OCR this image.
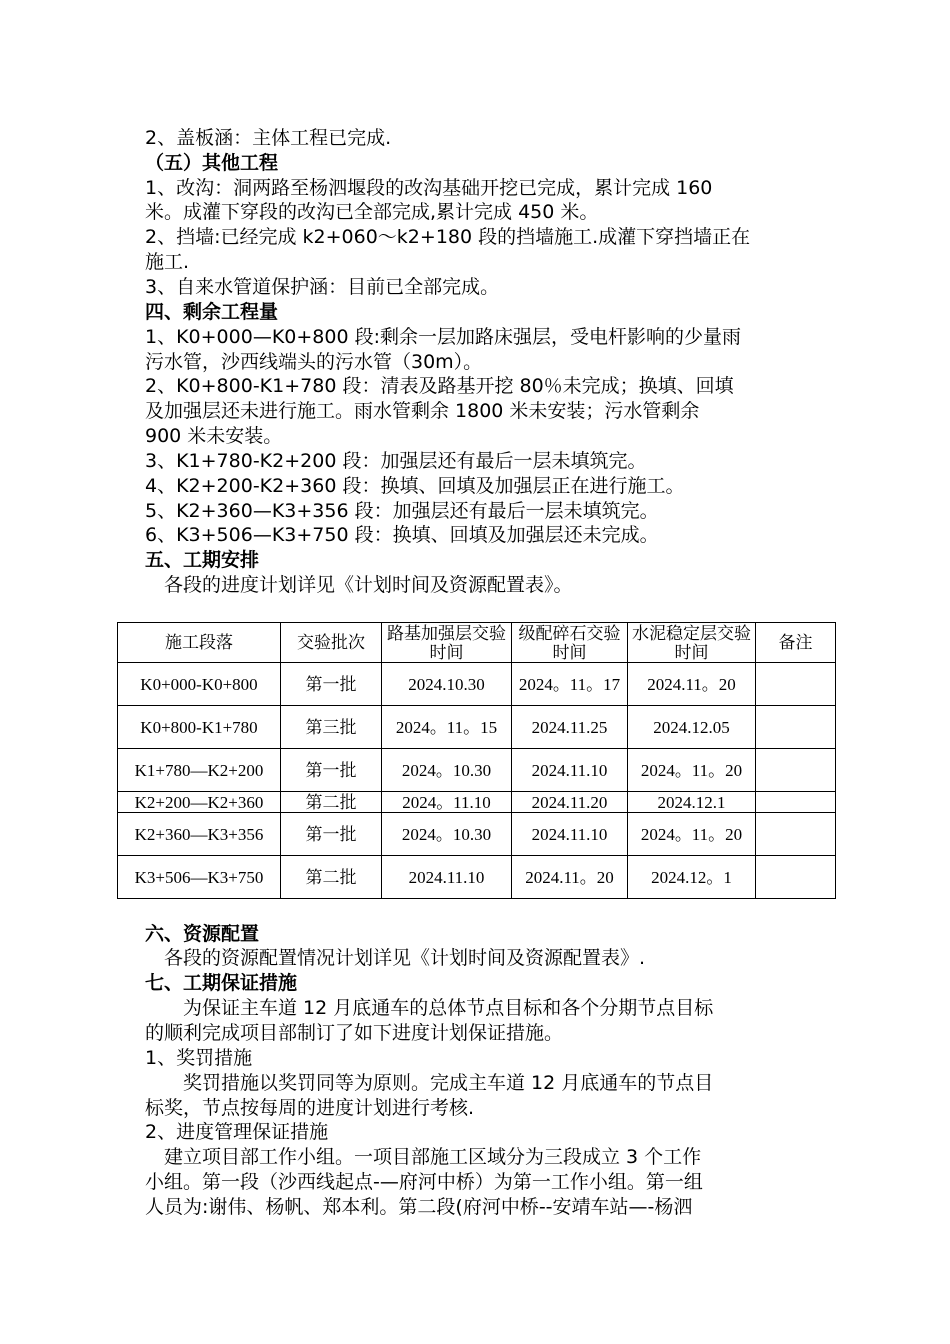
2、盖板涵：主体工程已完成.

（五）其他工程

1、改沟：洞两路至杨泗堰段的改沟基础开挖已完成，累计完成 160

米。成灌下穿段的改沟已全部完成,累计完成 450 米。

2、挡墙:已经完成 k2+060～k2+180 段的挡墙施工.成灌下穿挡墙正在

施工.

3、自来水管道保护涵：目前已全部完成。

四、剩余工程量

1、K0+000—K0+800 段:剩余一层加路床强层，受电杆影响的少量雨

污水管，沙西线端头的污水管（30m）。

2、K0+800-K1+780 段：清表及路基开挖 80％未完成；换填、回填

及加强层还未进行施工。雨水管剩余 1800 米未安装；污水管剩余

900 米未安装。

3、K1+780-K2+200 段：加强层还有最后一层未填筑完。

4、K2+200-K2+360 段：换填、回填及加强层正在进行施工。

5、K2+360—K3+356 段：加强层还有最后一层未填筑完。

6、K3+506—K3+750 段：换填、回填及加强层还未完成。

五、工期安排

　各段的进度计划详见《计划时间及资源配置表》。

施工段落	交验批次	路基加强层交验时间	级配碎石交验时间	水泥稳定层交验时间	备注
K0+000-K0+800	第一批	2024.10.30	2024。11。17	2024.11。20	
K0+800-K1+780	第三批	2024。11。15	2024.11.25	2024.12.05	
K1+780—K2+200	第一批	2024。10.30	2024.11.10	2024。11。20	
K2+200—K2+360	第二批	2024。11.10	2024.11.20	2024.12.1	
K2+360—K3+356	第一批	2024。10.30	2024.11.10	2024。11。20	
K3+506—K3+750	第二批	2024.11.10	2024.11。20	2024.12。1	

六、资源配置

　各段的资源配置情况计划详见《计划时间及资源配置表》.

七、工期保证措施

　　为保证主车道 12 月底通车的总体节点目标和各个分期节点目标

的顺利完成项目部制订了如下进度计划保证措施。

1、奖罚措施

　　奖罚措施以奖罚同等为原则。完成主车道 12 月底通车的节点目

标奖，节点按每周的进度计划进行考核.

2、进度管理保证措施

　建立项目部工作小组。一项目部施工区域分为三段成立 3 个工作

小组。第一段（沙西线起点-—府河中桥）为第一工作小组。第一组

人员为:谢伟、杨帆、郑本利。第二段(府河中桥--安靖车站—-杨泗
